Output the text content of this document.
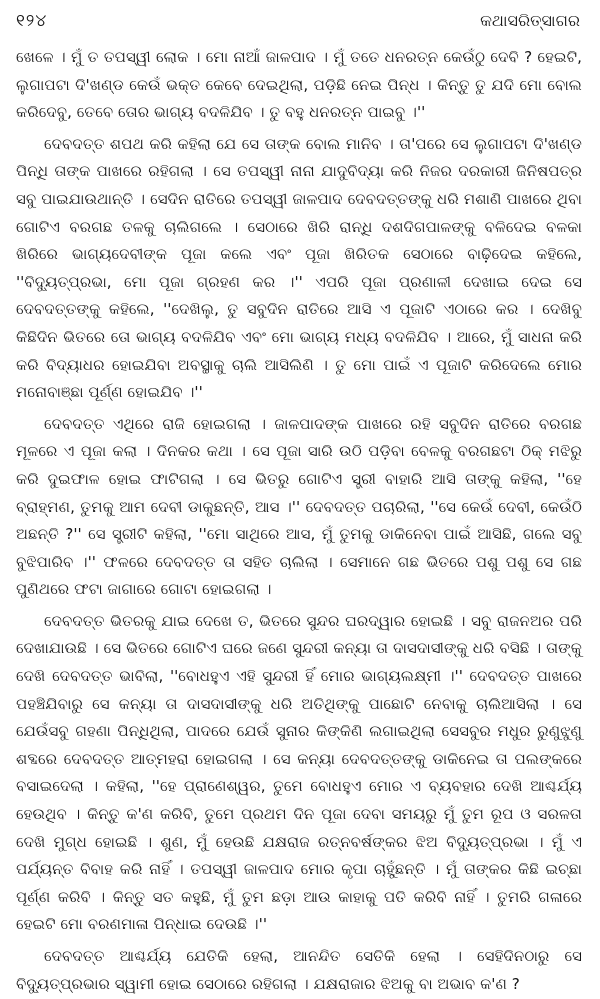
୧୨୪	କଥାସରିତ୍‌ସାଗର

ଖେଳେ । ମୁଁ ତ ତପସ୍ୱୀ ଲୋକ । ମୋ ନାଆଁ ଜାଳପାଦ । ମୁଁ ତତେ ଧନରତ୍ନ କେଉଁଠୁ ଦେବି ? ହେଇଟି, ଲୁଗାପଟା ଦି'ଖଣ୍ଡ କେଉଁ ଭକ୍ତ କେବେ ଦେଇଥିଲା, ପଡ଼ିଛି ନେଇ ପିନ୍ଧ । କିନ୍ତୁ ତୁ ଯଦି ମୋ ବୋଲ କରିଦେବୁ, ତେବେ ତୋର ଭାଗ୍ୟ ବଦଳିଯିବ । ତୁ ବହୁ ଧନରତ୍ନ ପାଇବୁ ।''

ଦେବଦତ୍ତ ଶପଥ କରି କହିଲା ଯେ ସେ ତାଙ୍କ ବୋଲ ମାନିବ । ତା'ପରେ ସେ ଲୁଗାପଟା ଦି'ଖଣ୍ଡ ପିନ୍ଧି ତାଙ୍କ ପାଖରେ ରହିଗଲା । ସେ ତପସ୍ୱୀ ନାନା ଯାଦୁବିଦ୍ୟା କରି ନିଜର ଦରକାରୀ ଜିନିଷପତ୍ର ସବୁ ପାଇଯାଉଥାନ୍ତି । ସେଦିନ ରାତିରେ ତପସ୍ୱୀ ଜାଳପାଦ ଦେବଦତ୍ତଙ୍କୁ ଧରି ମଶାଣି ପାଖରେ ଥିବା ଗୋଟିଏ ବରଗଛ ତଳକୁ ଚାଲିଗଲେ । ସେଠାରେ ଖିରି ରାନ୍ଧି ଦଶଦିଗପାଳଙ୍କୁ ବଳିଦେଇ ବଳକା ଖିରିରେ ଭାଗ୍ୟଦେବୀଙ୍କ ପୂଜା କଲେ ଏବଂ ପୂଜା ଖିରିତକ ସେଠାରେ ବାଢ଼ିଦେଇ କହିଲେ, ''ବିଦ୍ୟୁତ୍‌ପ୍ରଭା, ମୋ ପୂଜା ଗ୍ରହଣ କର ।'' ଏପରି ପୂଜା ପ୍ରଣାଳୀ ଦେଖାଇ ଦେଇ ସେ ଦେବଦତ୍ତଙ୍କୁ କହିଲେ, ''ଦେଖିଲୁ, ତୁ ସବୁଦିନ ରାତିରେ ଆସି ଏ ପୂଜାଟି ଏଠାରେ କର । ଦେଖିବୁ କିଛିଦିନ ଭିତରେ ତୋ ଭାଗ୍ୟ ବଦଳିଯିବ ଏବଂ ମୋ ଭାଗ୍ୟ ମଧ୍ୟ ବଦଳିଯିବ । ଆରେ, ମୁଁ ସାଧନା କରି କରି ବିଦ୍ୟାଧର ହୋଇଯିବା ଅବସ୍ଥାକୁ ଚାଲି ଆସିଲିଣି । ତୁ ମୋ ପାଇଁ ଏ ପୂଜାଟି କରିଦେଲେ ମୋର ମନୋବାଞ୍ଛା ପୂର୍ଣ୍ଣ ହୋଇଯିବ ।''

ଦେବଦତ୍ତ ଏଥିରେ ରାଜି ହୋଇଗଲା । ଜାଳପାଦଙ୍କ ପାଖରେ ରହି ସବୁଦିନ ରାତିରେ ବରଗଛ ମୂଳରେ ଏ ପୂଜା କଲା । ଦିନକର କଥା । ସେ ପୂଜା ସାରି ଉଠି ପଡ଼ିବା ବେଳକୁ ବରଗଛଟା ଠିକ୍ ମଝିରୁ କରି ଦୁଇଫାଳ ହୋଇ ଫାଟିଗଲା । ସେ ଭିତରୁ ଗୋଟିଏ ସ୍ତ୍ରୀ ବାହାରି ଆସି ତାଙ୍କୁ କହିଲା, ''ହେ ବ୍ରାହ୍ମଣ, ତୁମକୁ ଆମ ଦେବୀ ଡାକୁଛନ୍ତି, ଆସ ।'' ଦେବଦତ୍ତ ପଚାରିଲା, ''ସେ କେଉଁ ଦେବୀ, କେଉଁଠି ଅଛନ୍ତି ?'' ସେ ସ୍ତ୍ରୀଟି କହିଲା, ''ମୋ ସାଥିରେ ଆସ, ମୁଁ ତୁମକୁ ଡାକିନେବା ପାଇଁ ଆସିଛି, ଗଲେ ସବୁ ବୁଝିପାରିବ ।'' ଫଳରେ ଦେବଦତ୍ତ ତା ସହିତ ଚାଲିଲା । ସେମାନେ ଗଛ ଭିତରେ ପଶୁ ପଶୁ ସେ ଗଛ ପୁଣିଥରେ ଫଟା ଜାଗାରେ ଗୋଟା ହୋଇଗଲା ।

ଦେବଦତ୍ତ ଭିତରକୁ ଯାଇ ଦେଖେ ତ, ଭିତରେ ସୁନ୍ଦର ଘରଦ୍ୱାର ହୋଇଛି । ସବୁ ରାଜନଅର ପରି ଦେଖାଯାଉଛି । ସେ ଭିତରେ ଗୋଟିଏ ଘରେ ଜଣେ ସୁନ୍ଦରୀ କନ୍ୟା ତା ଦାସଦାସୀଙ୍କୁ ଧରି ବସିଛି । ତାଙ୍କୁ ଦେଖି ଦେବଦତ୍ତ ଭାବିଲା, ''ବୋଧହୁଏ ଏହି ସୁନ୍ଦରୀ ହିଁ ମୋର ଭାଗ୍ୟଲକ୍ଷ୍ମୀ ।'' ଦେବଦତ୍ତ ପାଖରେ ପହଞ୍ଚିଯିବାରୁ ସେ କନ୍ୟା ତା ଦାସଦାସୀଙ୍କୁ ଧରି ଅତିଥିଙ୍କୁ ପାଛୋଟି ନେବାକୁ ଚାଲିଆସିଲା । ସେ ଯେଉଁସବୁ ଗହଣା ପିନ୍ଧିଥିଲା, ପାଦରେ ଯେଉଁ ସୁନାର କିଙ୍କିଣି ଲଗାଇଥିଲା ସେସବୁର ମଧୁର ରୁଣୁଝୁଣୁ ଶବ୍ଦରେ ଦେବଦତ୍ତ ଆତ୍ମହରା ହୋଇଗଲା । ସେ କନ୍ୟା ଦେବଦତ୍ତଙ୍କୁ ଡାକିନେଇ ତା ପଲଙ୍କରେ ବସାଇଦେଲା । କହିଲା, ''ହେ ପ୍ରାଣେଶ୍ୱର, ତୁମେ ବୋଧହୁଏ ମୋର ଏ ବ୍ୟବହାର ଦେଖି ଆଶ୍ଚର୍ଯ୍ୟ ହେଉଥିବ । କିନ୍ତୁ କ'ଣ କରିବି, ତୁମେ ପ୍ରଥମ ଦିନ ପୂଜା ଦେବା ସମୟରୁ ମୁଁ ତୁମ ରୂପ ଓ ସରଳତା ଦେଖି ମୁଗ୍ଧ ହୋଇଛି । ଶୁଣ, ମୁଁ ହେଉଛି ଯକ୍ଷରାଜ ରତ୍ନବର୍ଷଙ୍କର ଝିଅ ବିଦ୍ୟୁତ୍‌ପ୍ରଭା । ମୁଁ ଏ ପର୍ଯ୍ୟନ୍ତ ବିବାହ କରି ନାହିଁ । ତପସ୍ୱୀ ଜାଳପାଦ ମୋର କୃପା ଚାହୁଁଛନ୍ତି । ମୁଁ ତାଙ୍କର କିଛି ଇଚ୍ଛା ପୂର୍ଣ୍ଣ କରିବି । କିନ୍ତୁ ସତ କହୁଛି, ମୁଁ ତୁମ ଛଡ଼ା ଆଉ କାହାକୁ ପତି କରିବି ନାହିଁ । ତୁମରି ଗଳାରେ ହେଇଟି ମୋ ବରଣମାଳା ପିନ୍ଧାଇ ଦେଉଛି ।''

ଦେବଦତ୍ତ ଆଶ୍ଚର୍ଯ୍ୟ ଯେତିକି ହେଲା, ଆନନ୍ଦିତ ସେତିକି ହେଲା । ସେହିଦିନଠାରୁ ସେ ବିଦ୍ୟୁତ୍‌ପ୍ରଭାର ସ୍ୱାମୀ ହୋଇ ସେଠାରେ ରହିଗଲା । ଯକ୍ଷରାଜାର ଝିଅକୁ ବା ଅଭାବ କ'ଣ ?
